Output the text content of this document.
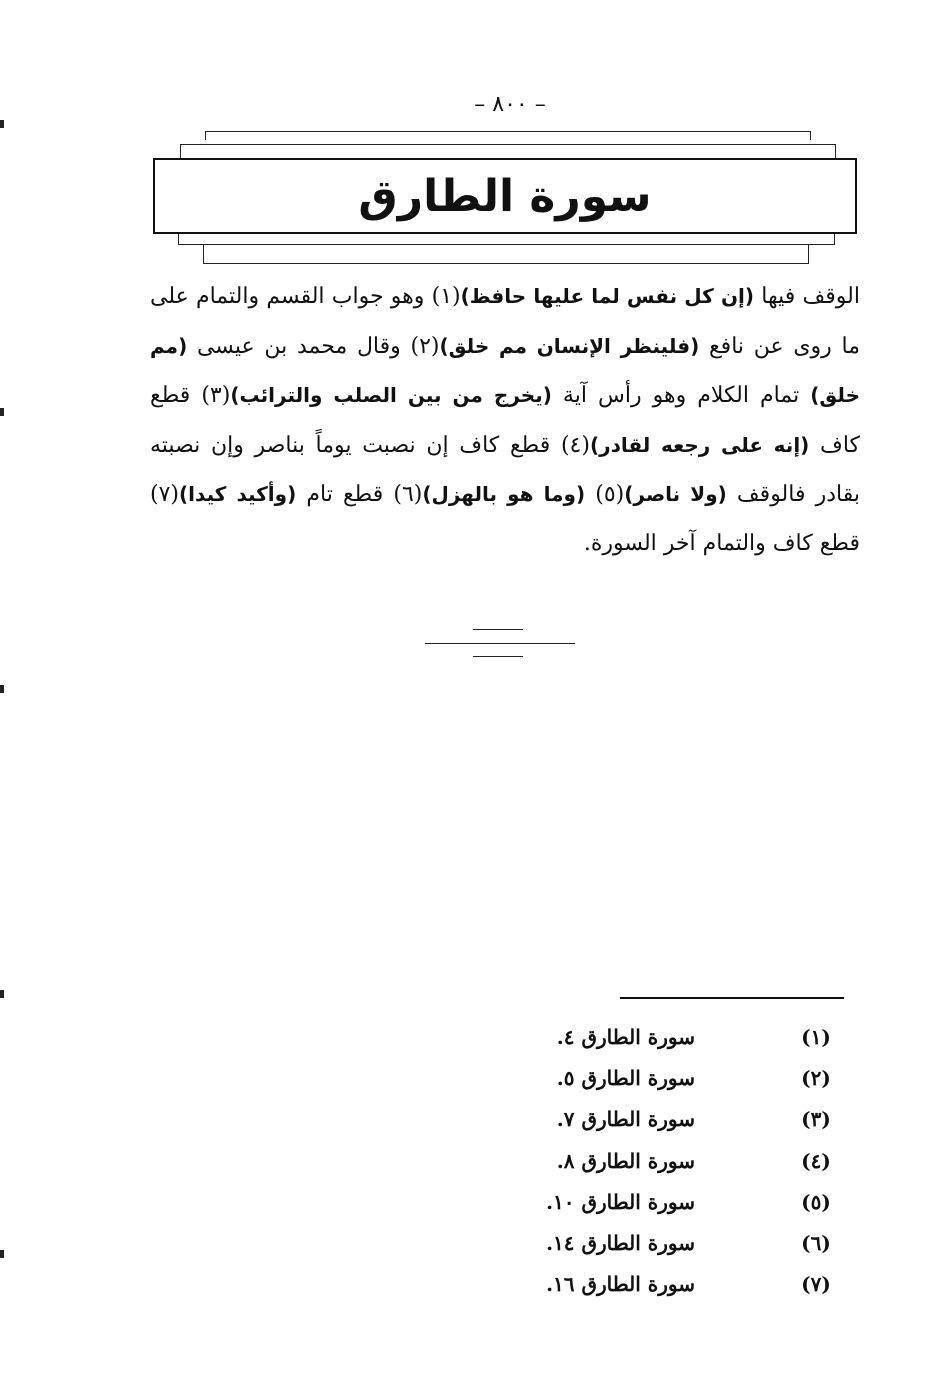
– ٨٠٠ –
سورة الطارق
الوقف فيها (إن كل نفس لما عليها حافظ)(١) وهو جواب القسم والتمام على ما روى عن نافع (فلينظر الإنسان مم خلق)(٢) وقال محمد بن عيسى (مم خلق) تمام الكلام وهو رأس آية (يخرج من بين الصلب والترائب)(٣) قطع كاف (إنه على رجعه لقادر)(٤) قطع كاف إن نصبت يوماً بناصر وإن نصبته بقادر فالوقف (ولا ناصر)(٥) (وما هو بالهزل)(٦) قطع تام (وأكيد كيدا)(٧) قطع كاف والتمام آخر السورة.
(١)
سورة الطارق ٤.
(٢)
سورة الطارق ٥.
(٣)
سورة الطارق ٧.
(٤)
سورة الطارق ٨.
(٥)
سورة الطارق ١٠.
(٦)
سورة الطارق ١٤.
(٧)
سورة الطارق ١٦.
